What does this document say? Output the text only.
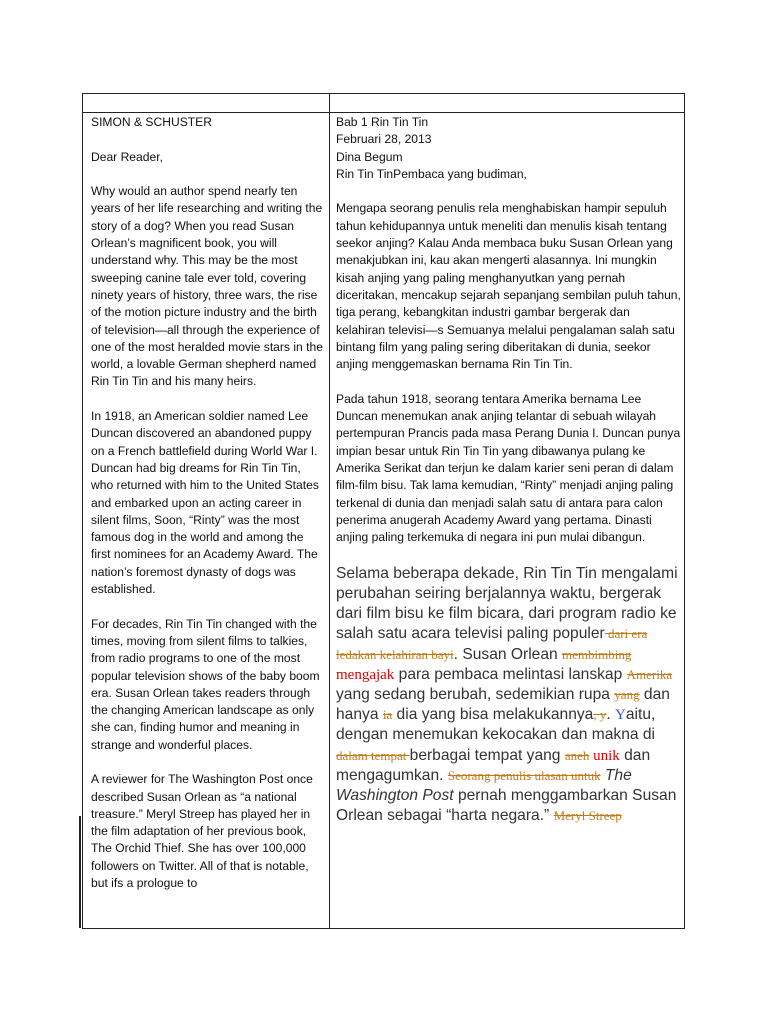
SIMON & SCHUSTER

Dear Reader,

Why would an author spend nearly ten years of her life researching and writing the story of a dog? When you read Susan Orlean’s magnificent book, you will understand why. This may be the most sweeping canine tale ever told, covering ninety years of history, three wars, the rise of the motion picture industry and the birth of television—all through the experience of one of the most heralded movie stars in the world, a lovable German shepherd named Rin Tin Tin and his many heirs.

In 1918, an American soldier named Lee Duncan discovered an abandoned puppy on a French battlefield during World War I. Duncan had big dreams for Rin Tin Tin, who returned with him to the United States and embarked upon an acting career in silent films, Soon, “Rinty” was the most famous dog in the world and among the first nominees for an Academy Award. The nation’s foremost dynasty of dogs was established.

For decades, Rin Tin Tin changed with the times, moving from silent films to talkies, from radio programs to one of the most popular television shows of the baby boom era. Susan Orlean takes readers through the changing American landscape as only she can, finding humor and meaning in strange and wonderful places.

A reviewer for The Washington Post once described Susan Orlean as “a national treasure.” Meryl Streep has played her in the film adaptation of her previous book, The Orchid Thief. She has over 100,000 followers on Twitter. All of that is notable, but ifs a prologue to

Bab 1 Rin Tin Tin

Februari 28, 2013

Dina Begum

Rin Tin TinPembaca yang budiman,

Mengapa seorang penulis rela menghabiskan hampir sepuluh tahun kehidupannya untuk meneliti dan menulis kisah tentang seekor anjing? Kalau Anda membaca buku Susan Orlean yang menakjubkan ini, kau akan mengerti alasannya. Ini mungkin kisah anjing yang paling menghanyutkan yang pernah diceritakan, mencakup sejarah sepanjang sembilan puluh tahun, tiga perang, kebangkitan industri gambar bergerak dan kelahiran televisi—s Semuanya melalui pengalaman salah satu bintang film yang paling sering diberitakan di dunia, seekor anjing menggemaskan bernama Rin Tin Tin.

Pada tahun 1918, seorang tentara Amerika bernama Lee Duncan menemukan anak anjing telantar di sebuah wilayah pertempuran Prancis pada masa Perang Dunia I. Duncan punya impian besar untuk Rin Tin Tin yang dibawanya pulang ke Amerika Serikat dan terjun ke dalam karier seni peran di dalam film-film bisu. Tak lama kemudian, “Rinty” menjadi anjing paling terkenal di dunia dan menjadi salah satu di antara para calon penerima anugerah Academy Award yang pertama. Dinasti anjing paling terkemuka di negara ini pun mulai dibangun.

Selama beberapa dekade, Rin Tin Tin mengalami perubahan seiring berjalannya waktu, bergerak dari film bisu ke film bicara, dari program radio ke salah satu acara televisi paling populer dari era ledakan kelahiran bayi. Susan Orlean membimbing mengajak para pembaca melintasi lanskap Amerika yang sedang berubah, sedemikian rupa yang dan hanya ia dia yang bisa melakukannya, y. Yaitu, dengan menemukan kekocakan dan makna di dalam tempat berbagai tempat yang aneh unik dan mengagumkan. Seorang penulis ulasan untuk The Washington Post pernah menggambarkan Susan Orlean sebagai “harta negara.” Meryl Streep
